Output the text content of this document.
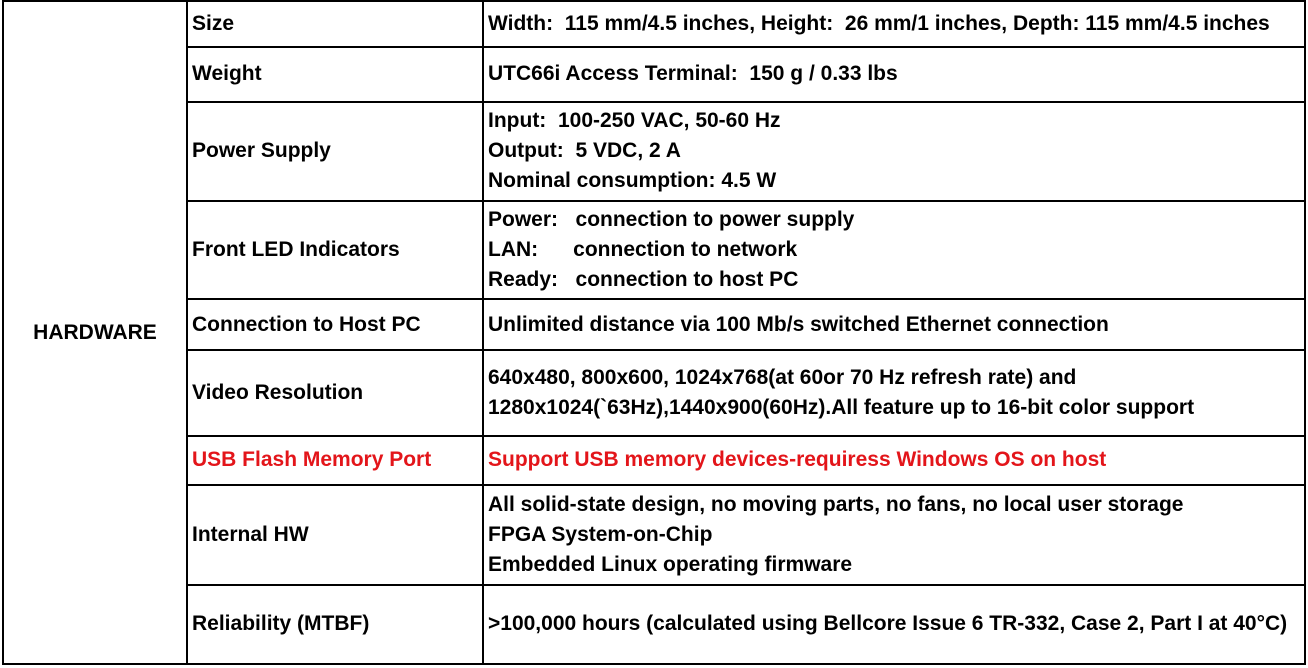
HARDWARE	Size	Width:  115 mm/4.5 inches, Height:  26 mm/1 inches, Depth: 115 mm/4.5 inches

	Weight	UTC66i Access Terminal:  150 g / 0.33 lbs

	Power Supply	Input:  100-250 VAC, 50-60 Hz
Output:  5 VDC, 2 A
Nominal consumption: 4.5 W

	Front LED Indicators	Power:   connection to power supply
LAN:      connection to network
Ready:   connection to host PC

	Connection to Host PC	Unlimited distance via 100 Mb/s switched Ethernet connection

	Video Resolution	640x480, 800x600, 1024x768(at 60or 70 Hz refresh rate) and 1280x1024(`63Hz),1440x900(60Hz).All feature up to 16-bit color support

	USB Flash Memory Port	Support USB memory devices-requiress Windows OS on host

	Internal HW	All solid-state design, no moving parts, no fans, no local user storage
FPGA System-on-Chip
Embedded Linux operating firmware

	Reliability (MTBF)	>100,000 hours (calculated using Bellcore Issue 6 TR-332, Case 2, Part I at 40°C)
